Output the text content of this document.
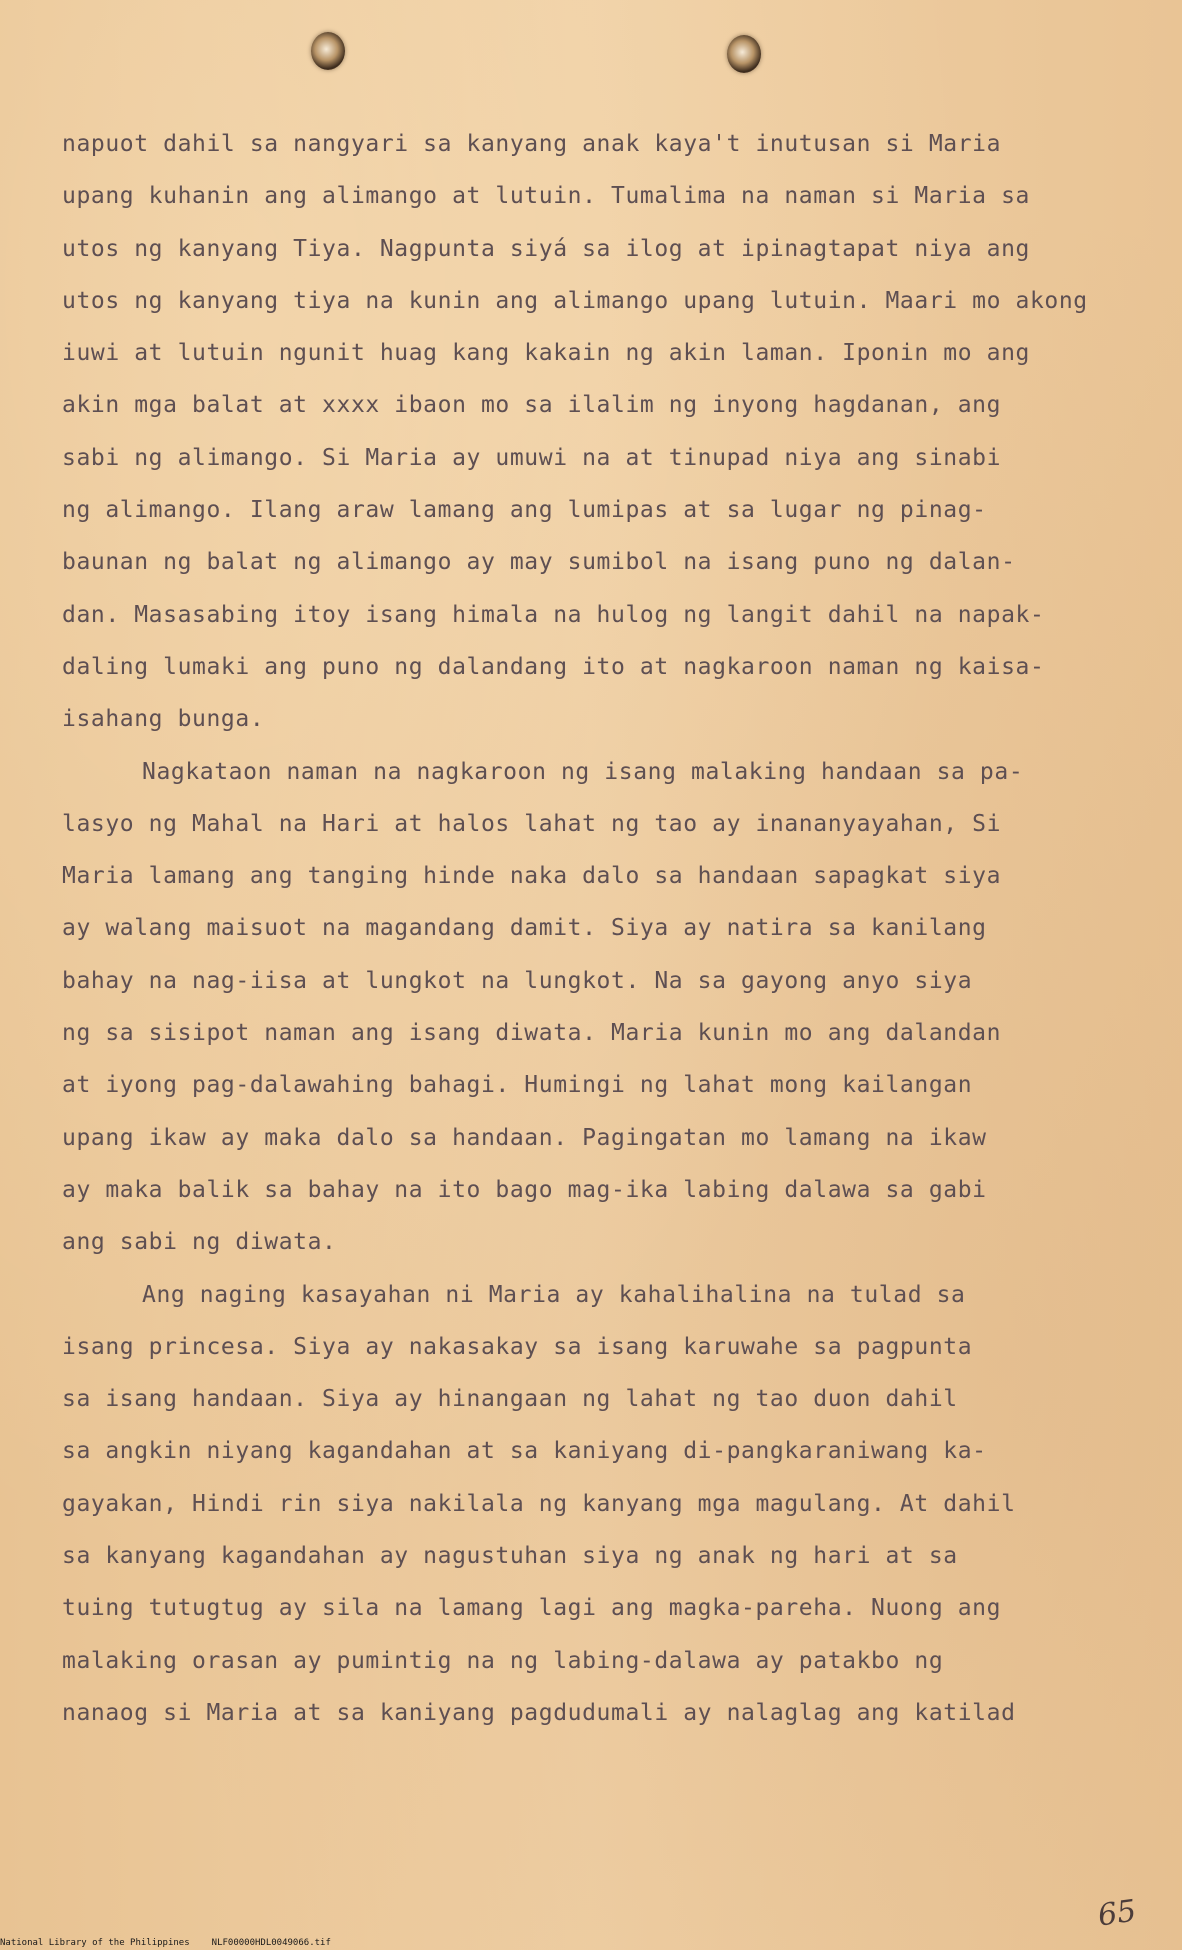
napuot dahil sa nangyari sa kanyang anak kaya't inutusan si Maria
upang kuhanin ang alimango at lutuin. Tumalima na naman si Maria sa
utos ng kanyang Tiya. Nagpunta siyá sa ilog at ipinagtapat niya ang
utos ng kanyang tiya na kunin ang alimango upang lutuin. Maari mo akong
iuwi at lutuin ngunit huag kang kakain ng akin laman. Iponin mo ang
akin mga balat at xxxx ibaon mo sa ilalim ng inyong hagdanan, ang
sabi ng alimango. Si Maria ay umuwi na at tinupad niya ang sinabi
ng alimango. Ilang araw lamang ang lumipas at sa lugar ng pinag-
baunan ng balat ng alimango ay may sumibol na isang puno ng dalan-
dan. Masasabing itoy isang himala na hulog ng langit dahil na napak-
daling lumaki ang puno ng dalandang ito at nagkaroon naman ng kaisa-
isahang bunga.
Nagkataon naman na nagkaroon ng isang malaking handaan sa pa-
lasyo ng Mahal na Hari at halos lahat ng tao ay inananyayahan, Si
Maria lamang ang tanging hinde naka dalo sa handaan sapagkat siya
ay walang maisuot na magandang damit. Siya ay natira sa kanilang
bahay na nag-iisa at lungkot na lungkot. Na sa gayong anyo siya
ng sa sisipot naman ang isang diwata. Maria kunin mo ang dalandan
at iyong pag-dalawahing bahagi. Humingi ng lahat mong kailangan
upang ikaw ay maka dalo sa handaan. Pagingatan mo lamang na ikaw
ay maka balik sa bahay na ito bago mag-ika labing dalawa sa gabi
ang sabi ng diwata.
Ang naging kasayahan ni Maria ay kahalihalina na tulad sa
isang princesa. Siya ay nakasakay sa isang karuwahe sa pagpunta
sa isang handaan. Siya ay hinangaan ng lahat ng tao duon dahil
sa angkin niyang kagandahan at sa kaniyang di-pangkaraniwang ka-
gayakan, Hindi rin siya nakilala ng kanyang mga magulang. At dahil
sa kanyang kagandahan ay nagustuhan siya ng anak ng hari at sa
tuing tutugtug ay sila na lamang lagi ang magka-pareha. Nuong ang
malaking orasan ay pumintig na ng labing-dalawa ay patakbo ng
nanaog si Maria at sa kaniyang pagdudumali ay nalaglag ang katilad
65
National Library of the Philippines NLF00000HDL0049066.tif
